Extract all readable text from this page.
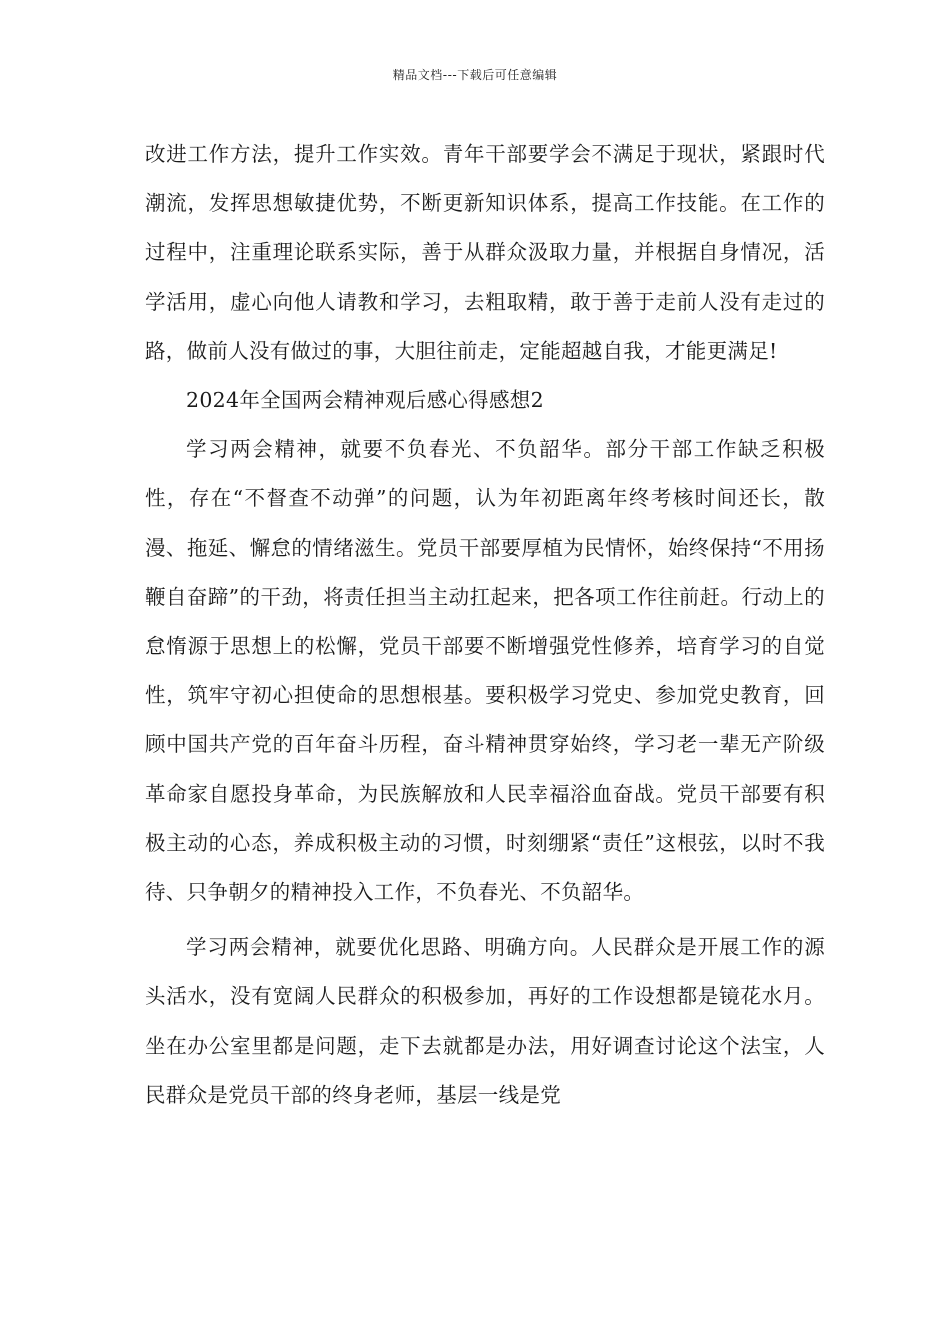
精品文档---下载后可任意编辑

改进工作方法，提升工作实效。青年干部要学会不满足于现状，紧跟时代潮流，发挥思想敏捷优势，不断更新知识体系，提高工作技能。在工作的过程中，注重理论联系实际，善于从群众汲取力量，并根据自身情况，活学活用，虚心向他人请教和学习，去粗取精，敢于善于走前人没有走过的路，做前人没有做过的事，大胆往前走，定能超越自我，才能更满足!

2024年全国两会精神观后感心得感想2

学习两会精神，就要不负春光、不负韶华。部分干部工作缺乏积极性，存在“不督查不动弹”的问题，认为年初距离年终考核时间还长，散漫、拖延、懈怠的情绪滋生。党员干部要厚植为民情怀，始终保持“不用扬鞭自奋蹄”的干劲，将责任担当主动扛起来，把各项工作往前赶。行动上的怠惰源于思想上的松懈，党员干部要不断增强党性修养，培育学习的自觉性，筑牢守初心担使命的思想根基。要积极学习党史、参加党史教育，回顾中国共产党的百年奋斗历程，奋斗精神贯穿始终，学习老一辈无产阶级革命家自愿投身革命，为民族解放和人民幸福浴血奋战。党员干部要有积极主动的心态，养成积极主动的习惯，时刻绷紧“责任”这根弦，以时不我待、只争朝夕的精神投入工作，不负春光、不负韶华。

学习两会精神，就要优化思路、明确方向。人民群众是开展工作的源头活水，没有宽阔人民群众的积极参加，再好的工作设想都是镜花水月。坐在办公室里都是问题，走下去就都是办法，用好调查讨论这个法宝，人民群众是党员干部的终身老师，基层一线是党
